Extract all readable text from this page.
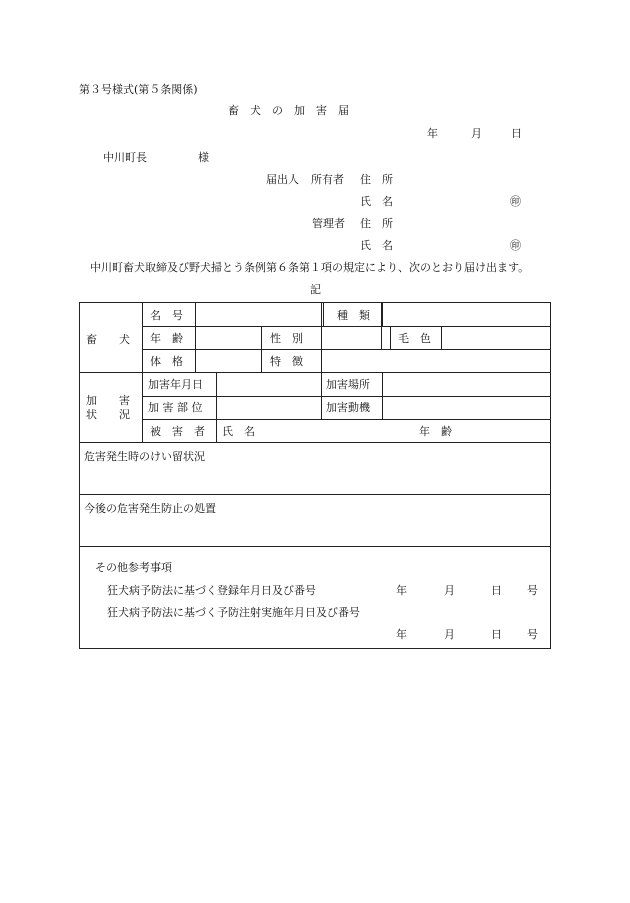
第３号様式(第５条関係)
畜　犬　の　加　害　届
年	月	日
中川町長	様
届出人 所有者 住　所
氏　名	㊞
管理者 住　所
氏　名	㊞
中川町畜犬取締及び野犬掃とう条例第６条第１項の規定により、次のとおり届け出ます。
記
畜　　犬
名　号	種　類
年　齢	性　別	毛　色
体　格	特　徴
加　　害
状　　況
加害年月日	加害場所
加 害 部 位	加害動機
被　害　者 氏　名	年　齢
危害発生時のけい留状況
今後の危害発生防止の処置
その他参考事項
狂犬病予防法に基づく登録年月日及び番号	年	月	日 号
狂犬病予防法に基づく予防注射実施年月日及び番号
年	月	日 号
